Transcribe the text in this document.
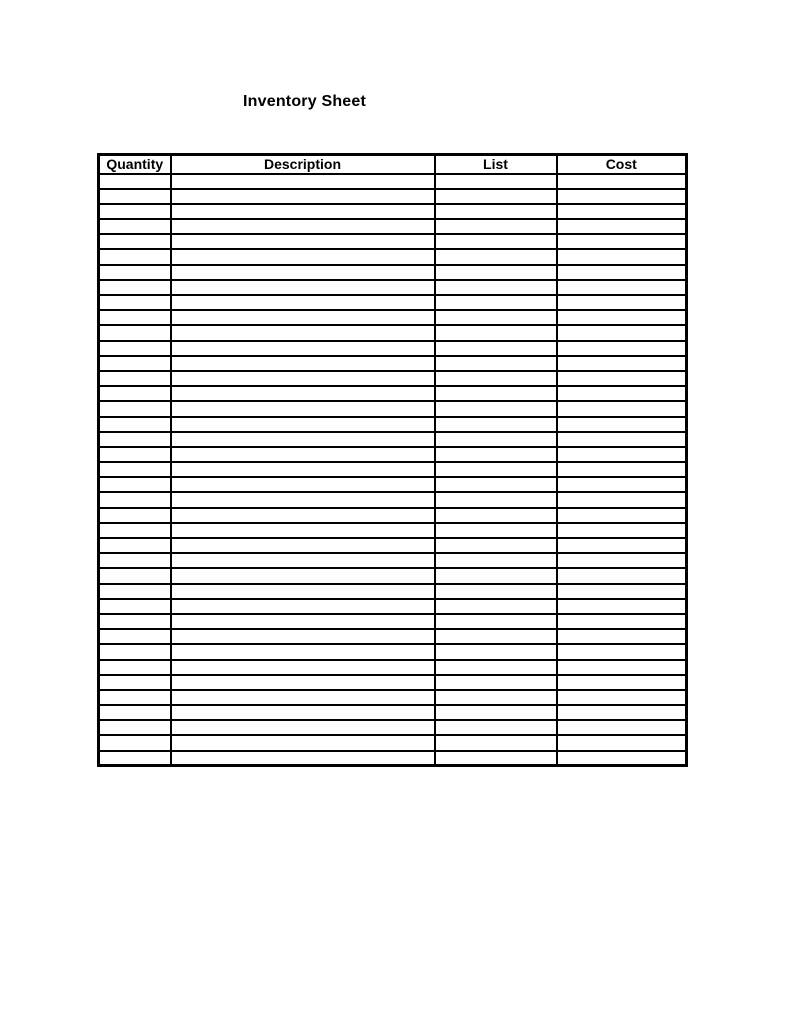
Inventory Sheet
Quantity	Description	List	Cost
